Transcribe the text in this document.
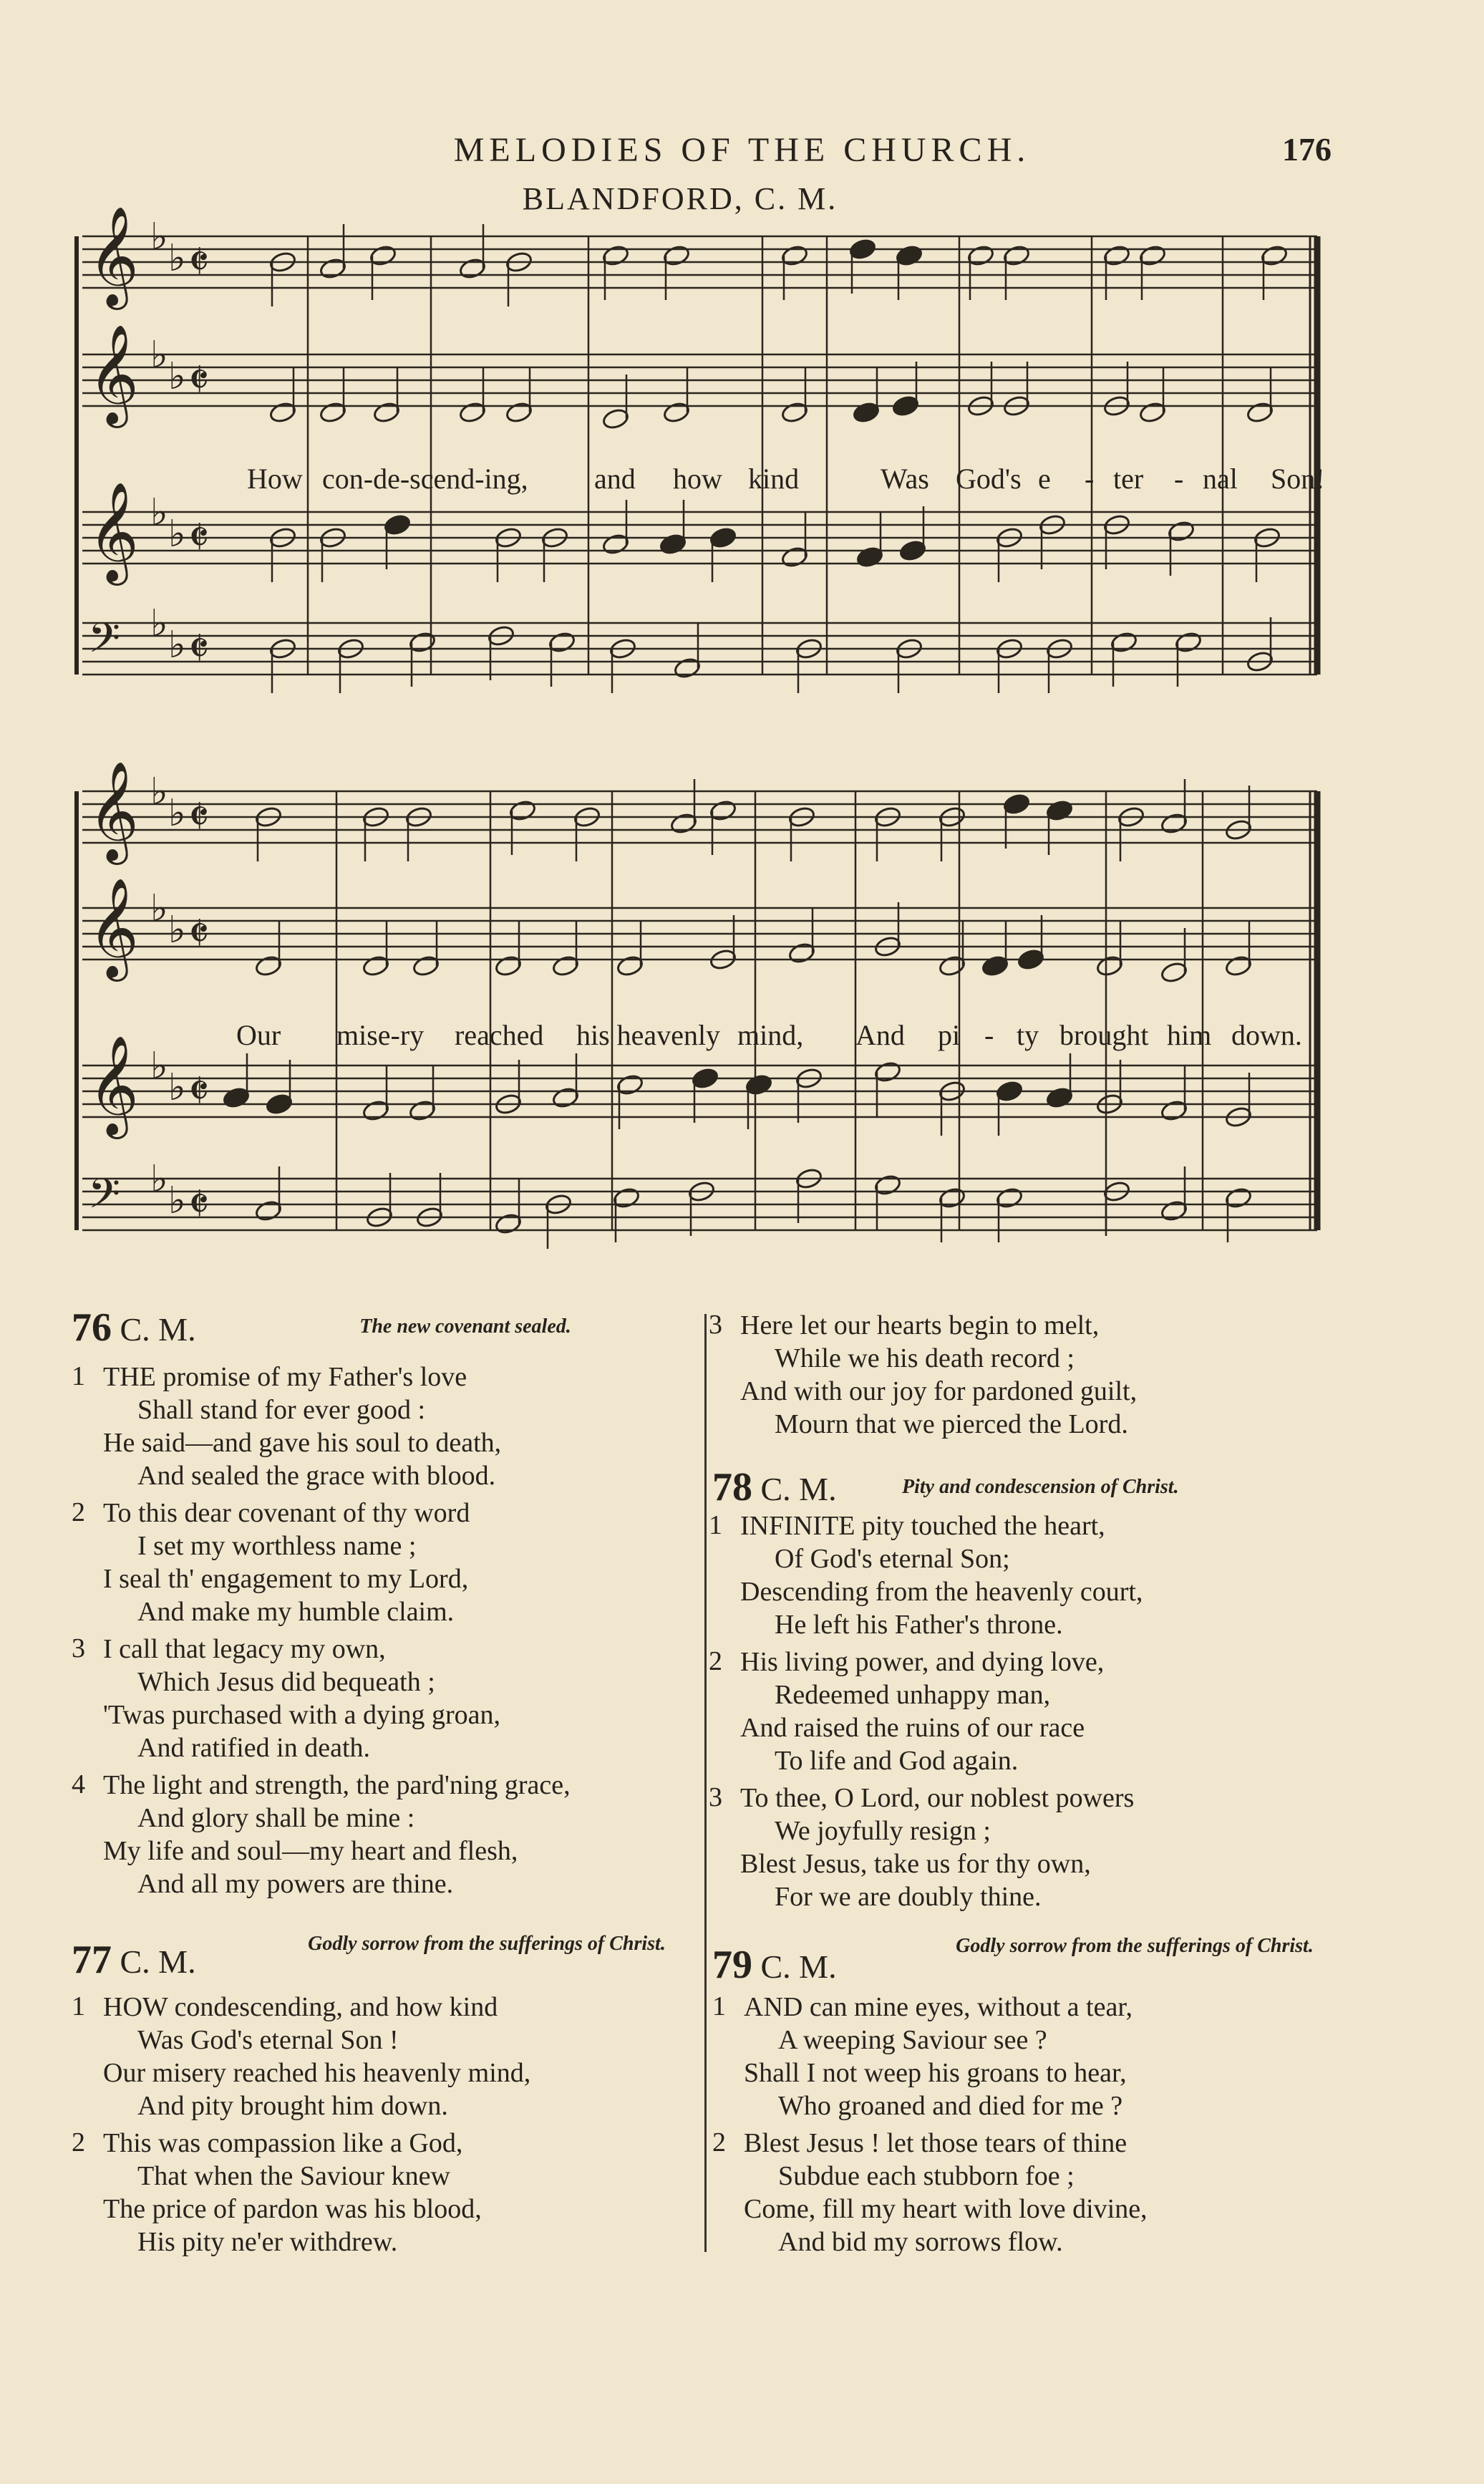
MELODIES OF THE CHURCH.	176
BLANDFORD, C. M.
𝄞 ♭ ♭ 𝄵
𝄞 ♭ ♭ 𝄵
𝄞 ♭ ♭ 𝄵
𝄢 ♭ ♭ 𝄵
𝄞 ♭ ♭ 𝄵
𝄞 ♭ ♭ 𝄵
𝄞 ♭ ♭ 𝄵
𝄢 ♭ ♭ 𝄵
How con-de-scend-ing, and how kind	Was God's e - ter - nal Son!
Our mise-ry reached his heavenly mind, And pi - ty brought him down.
76 C. M.	The new covenant sealed.
1 THE promise of my Father's love
Shall stand for ever good :
He said—and gave his soul to death,
And sealed the grace with blood.
2 To this dear covenant of thy word
I set my worthless name ;
I seal th' engagement to my Lord,
And make my humble claim.
3 I call that legacy my own,
Which Jesus did bequeath ;
'Twas purchased with a dying groan,
And ratified in death.
4 The light and strength, the pard'ning grace,
And glory shall be mine :
My life and soul—my heart and flesh,
And all my powers are thine.
77 C. M.	Godly sorrow from the sufferings of Christ.
1 HOW condescending, and how kind
Was God's eternal Son !
Our misery reached his heavenly mind,
And pity brought him down.
2 This was compassion like a God,
That when the Saviour knew
The price of pardon was his blood,
His pity ne'er withdrew.
3 Here let our hearts begin to melt,
While we his death record ;
And with our joy for pardoned guilt,
Mourn that we pierced the Lord.
78 C. M.	Pity and condescension of Christ.
1 INFINITE pity touched the heart,
Of God's eternal Son;
Descending from the heavenly court,
He left his Father's throne.
2 His living power, and dying love,
Redeemed unhappy man,
And raised the ruins of our race
To life and God again.
3 To thee, O Lord, our noblest powers
We joyfully resign ;
Blest Jesus, take us for thy own,
For we are doubly thine.
79 C. M.
Godly sorrow from the sufferings of Christ.
1 AND can mine eyes, without a tear,
A weeping Saviour see ?
Shall I not weep his groans to hear,
Who groaned and died for me ?
2 Blest Jesus ! let those tears of thine
Subdue each stubborn foe ;
Come, fill my heart with love divine,
And bid my sorrows flow.
